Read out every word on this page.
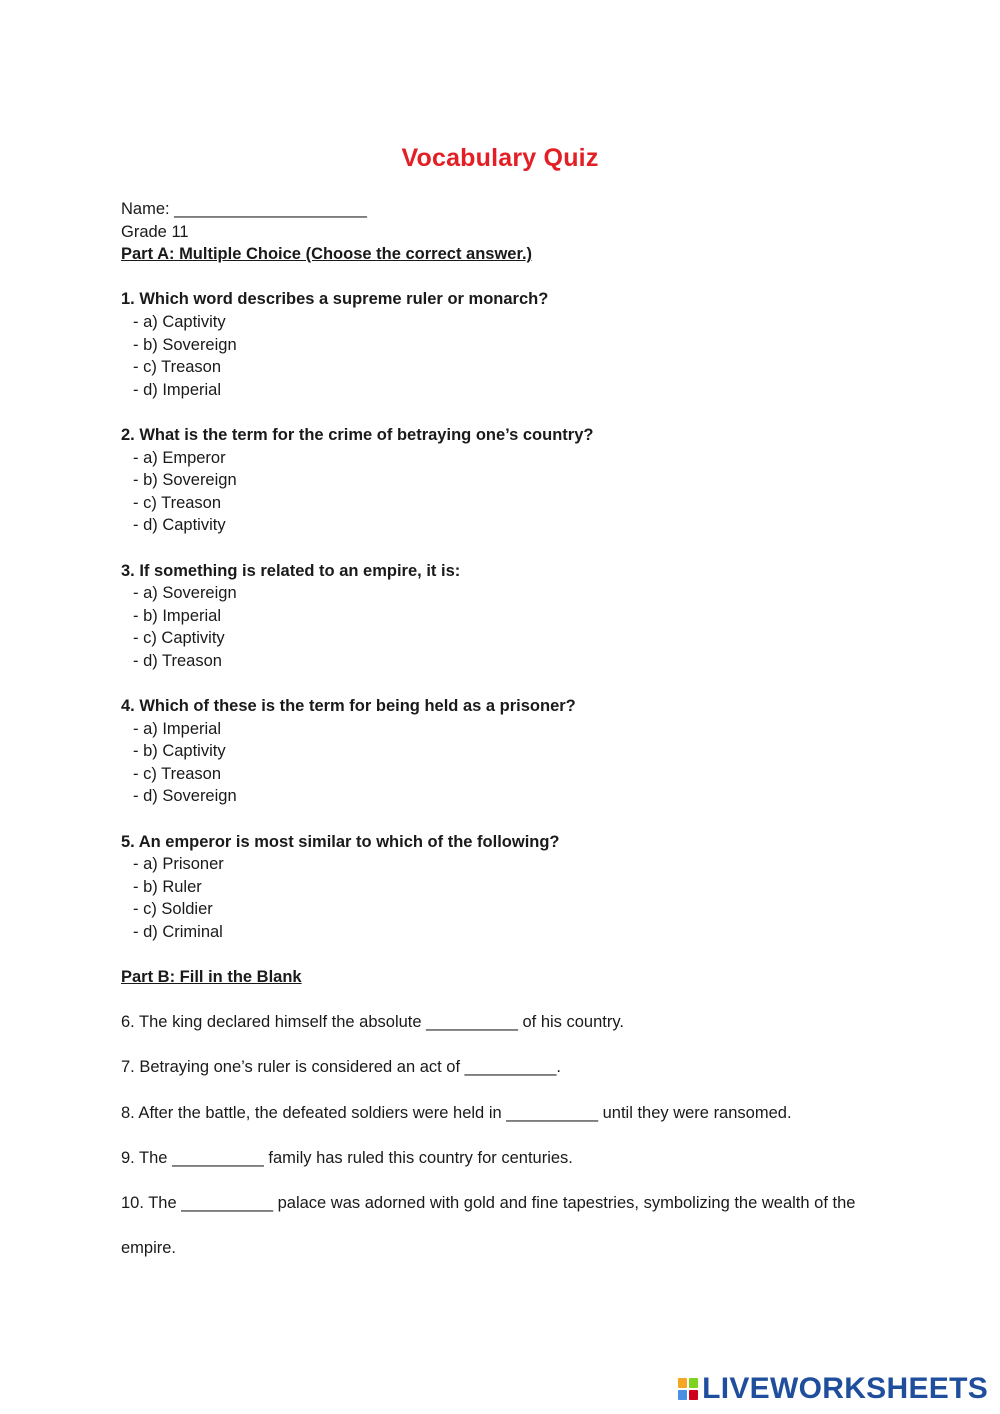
Vocabulary Quiz
Name: _____________________
Grade 11
Part A: Multiple Choice (Choose the correct answer.)
1. Which word describes a supreme ruler or monarch?
- a) Captivity
- b) Sovereign
- c) Treason
- d) Imperial
2. What is the term for the crime of betraying one’s country?
- a) Emperor
- b) Sovereign
- c) Treason
- d) Captivity
3. If something is related to an empire, it is:
- a) Sovereign
- b) Imperial
- c) Captivity
- d) Treason
4. Which of these is the term for being held as a prisoner?
- a) Imperial
- b) Captivity
- c) Treason
- d) Sovereign
5. An emperor is most similar to which of the following?
- a) Prisoner
- b) Ruler
- c) Soldier
- d) Criminal
Part B: Fill in the Blank
6. The king declared himself the absolute __________ of his country.
7. Betraying one’s ruler is considered an act of __________.
8. After the battle, the defeated soldiers were held in __________ until they were ransomed.
9. The __________ family has ruled this country for centuries.
10. The __________ palace was adorned with gold and fine tapestries, symbolizing the wealth of the
empire.
LIVEWORKSHEETS
